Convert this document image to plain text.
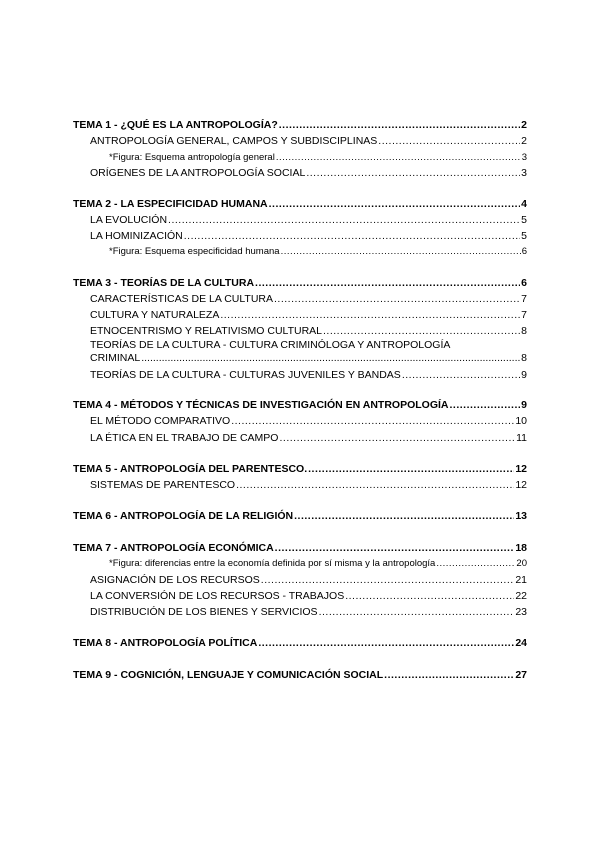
TEMA 1 - ¿QUÉ ES LA ANTROPOLOGÍA? .....	2
ANTROPOLOGÍA GENERAL, CAMPOS Y SUBDISCIPLINAS .....	2
*Figura: Esquema antropología general .....	3
ORÍGENES DE LA ANTROPOLOGÍA SOCIAL .....	3
TEMA 2 - LA ESPECIFICIDAD HUMANA .....	4
LA EVOLUCIÓN .....	5
LA HOMINIZACIÓN .....	5
*Figura: Esquema especificidad humana .....	6
TEMA 3 - TEORÍAS DE LA CULTURA .....	6
CARACTERÍSTICAS DE LA CULTURA .....	7
CULTURA Y NATURALEZA .....	7
ETNOCENTRISMO Y RELATIVISMO CULTURAL .....	8
TEORÍAS DE LA CULTURA - CULTURA CRIMINÓLOGA Y ANTROPOLOGÍA
CRIMINAL .....	8
TEORÍAS DE LA CULTURA - CULTURAS JUVENILES Y BANDAS .....	9
TEMA 4 - MÉTODOS Y TÉCNICAS DE INVESTIGACIÓN EN ANTROPOLOGÍA .....	9
EL MÉTODO COMPARATIVO .....	10
LA ÉTICA EN EL TRABAJO DE CAMPO .....	11
TEMA 5 - ANTROPOLOGÍA DEL PARENTESCO. .....	12
SISTEMAS DE PARENTESCO .....	12
TEMA 6 - ANTROPOLOGÍA DE LA RELIGIÓN .....	13
TEMA 7 - ANTROPOLOGÍA ECONÓMICA .....	18
*Figura: diferencias entre la economía definida por sí misma y la antropología .....	20
ASIGNACIÓN DE LOS RECURSOS .....	21
LA CONVERSIÓN DE LOS RECURSOS - TRABAJOS .....	22
DISTRIBUCIÓN DE LOS BIENES Y SERVICIOS .....	23
TEMA 8 - ANTROPOLOGÍA POLÍTICA .....	24
TEMA 9 - COGNICIÓN, LENGUAJE Y COMUNICACIÓN SOCIAL .....	27
